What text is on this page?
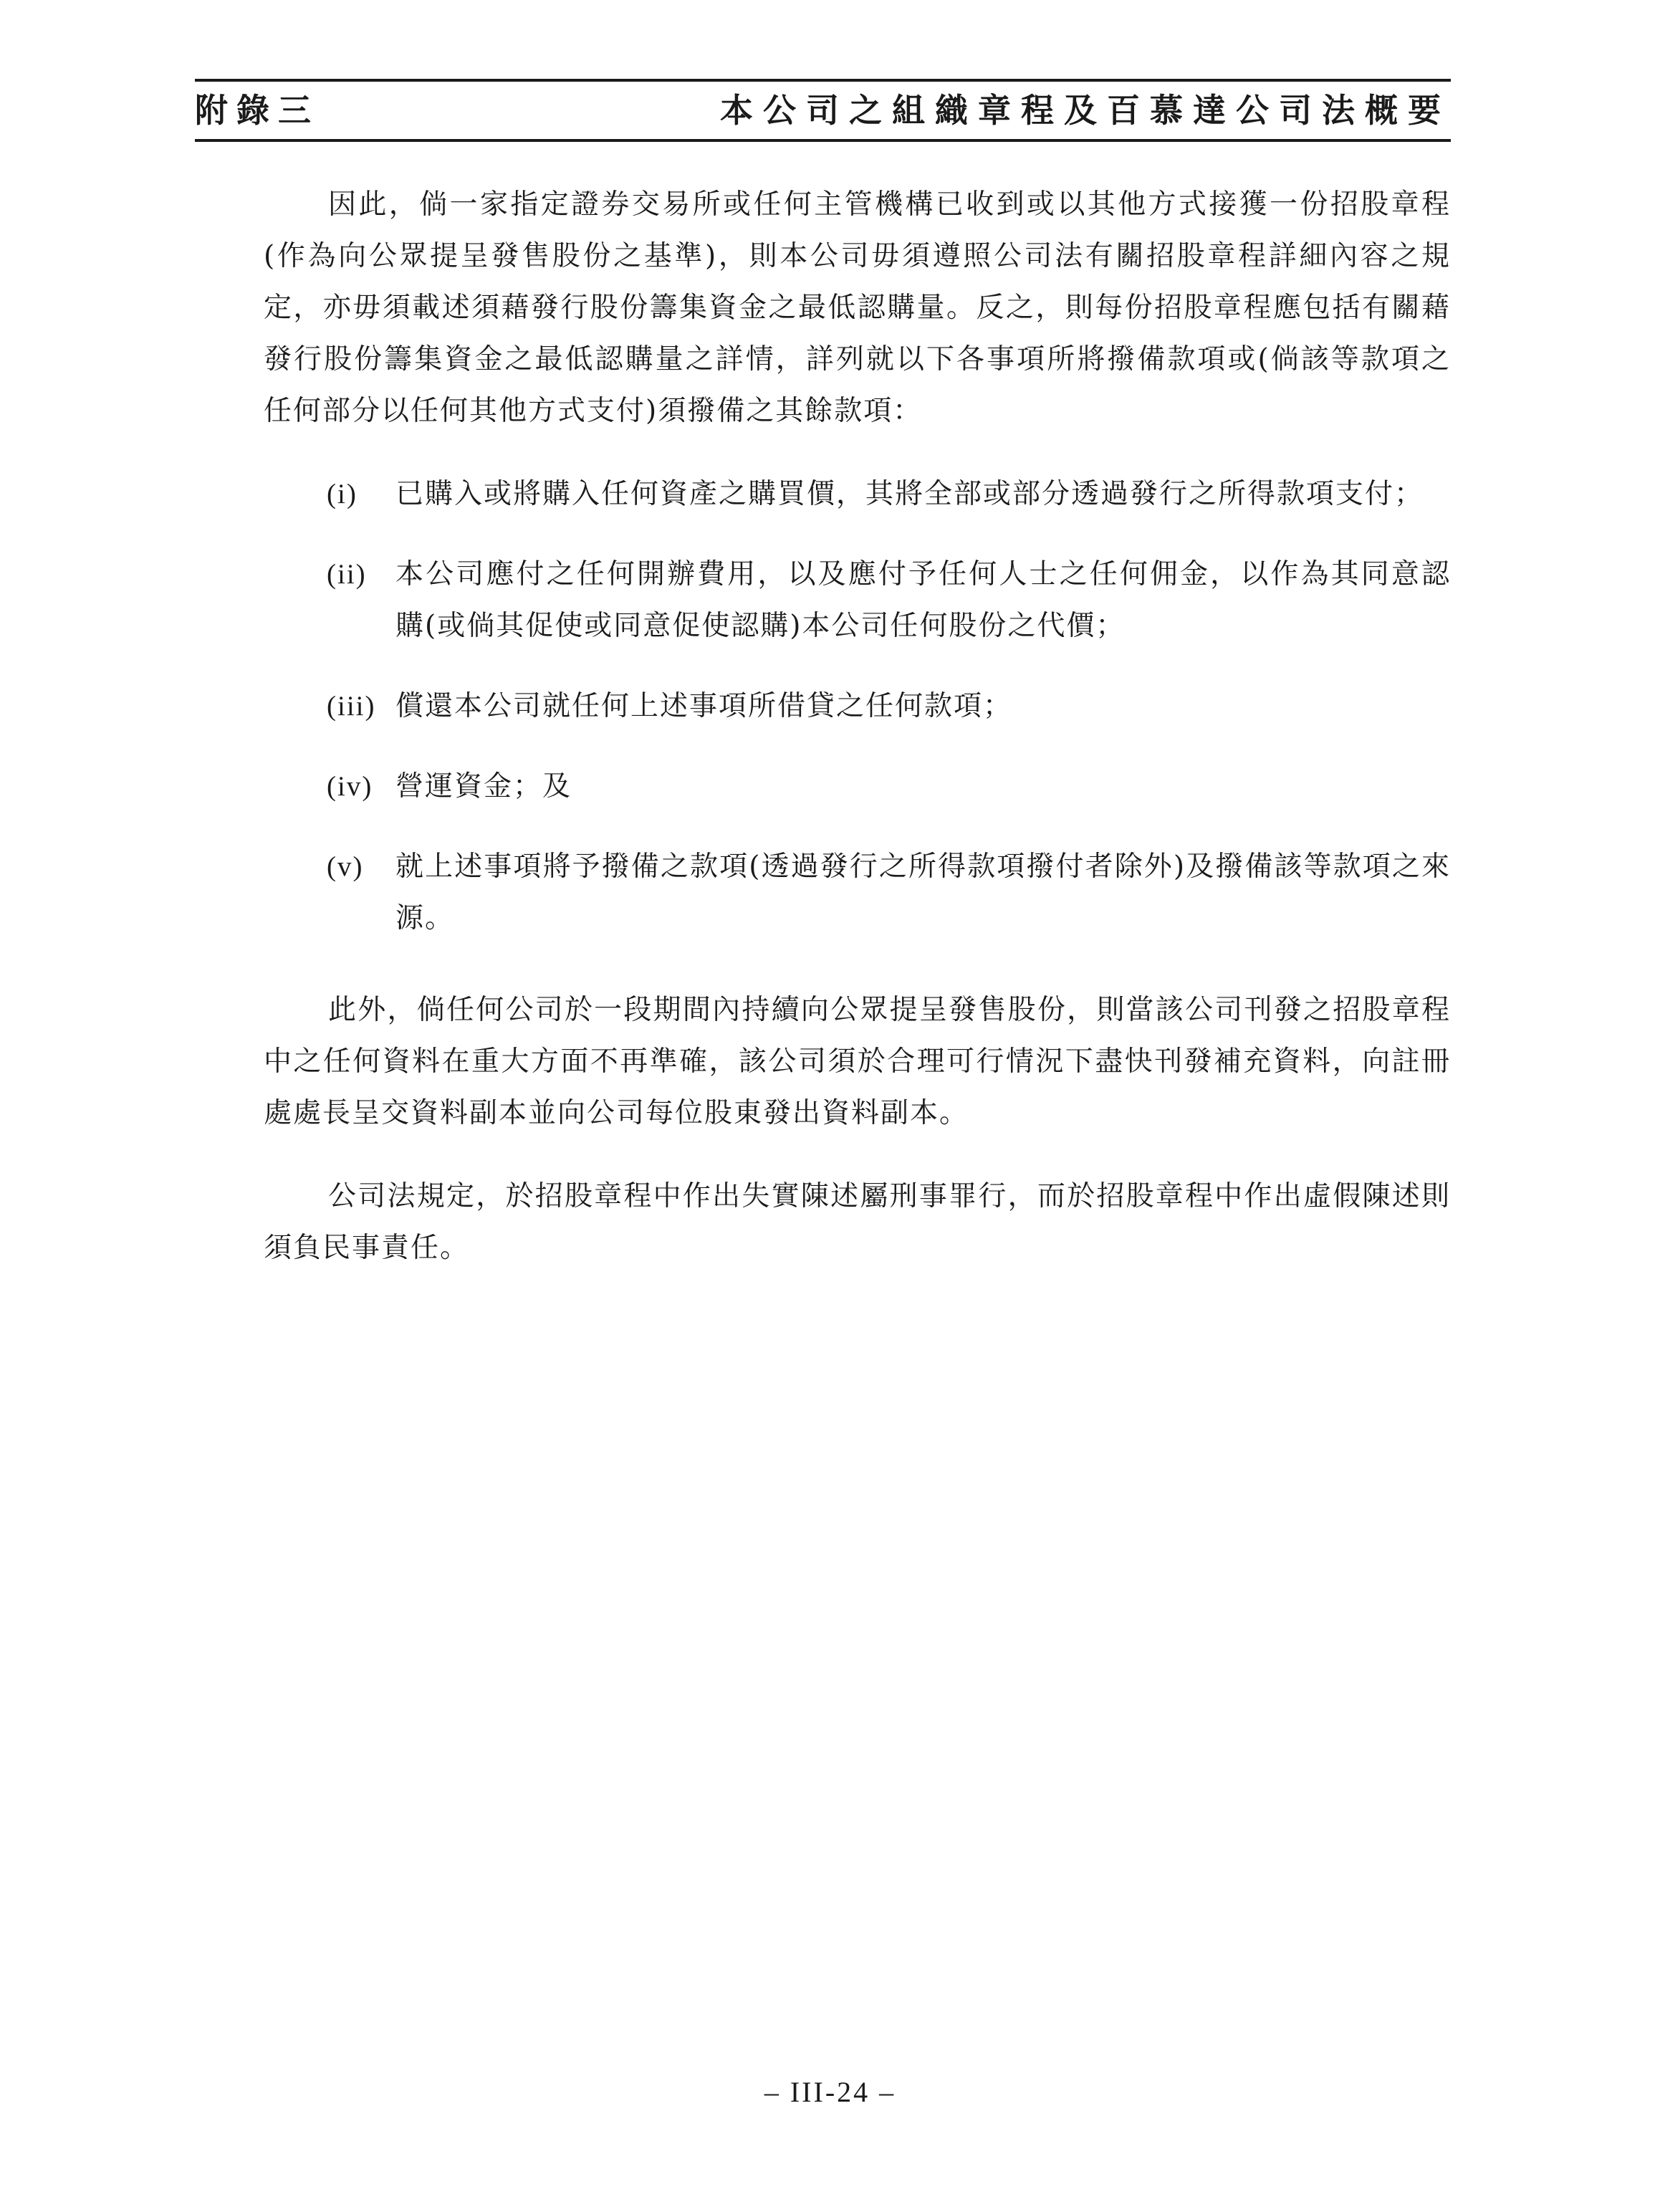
附錄三	本公司之組織章程及百慕達公司法概要

因此，倘一家指定證券交易所或任何主管機構已收到或以其他方式接獲一份招股章程(作為向公眾提呈發售股份之基準)，則本公司毋須遵照公司法有關招股章程詳細內容之規定，亦毋須載述須藉發行股份籌集資金之最低認購量。反之，則每份招股章程應包括有關藉發行股份籌集資金之最低認購量之詳情，詳列就以下各事項所將撥備款項或(倘該等款項之任何部分以任何其他方式支付)須撥備之其餘款項：

(i) 已購入或將購入任何資產之購買價，其將全部或部分透過發行之所得款項支付；
(ii) 本公司應付之任何開辦費用，以及應付予任何人士之任何佣金，以作為其同意認購(或倘其促使或同意促使認購)本公司任何股份之代價；
(iii) 償還本公司就任何上述事項所借貸之任何款項；
(iv) 營運資金；及
(v) 就上述事項將予撥備之款項(透過發行之所得款項撥付者除外)及撥備該等款項之來源。

此外，倘任何公司於一段期間內持續向公眾提呈發售股份，則當該公司刊發之招股章程中之任何資料在重大方面不再準確，該公司須於合理可行情況下盡快刊發補充資料，向註冊處處長呈交資料副本並向公司每位股東發出資料副本。

公司法規定，於招股章程中作出失實陳述屬刑事罪行，而於招股章程中作出虛假陳述則須負民事責任。

– III-24 –
